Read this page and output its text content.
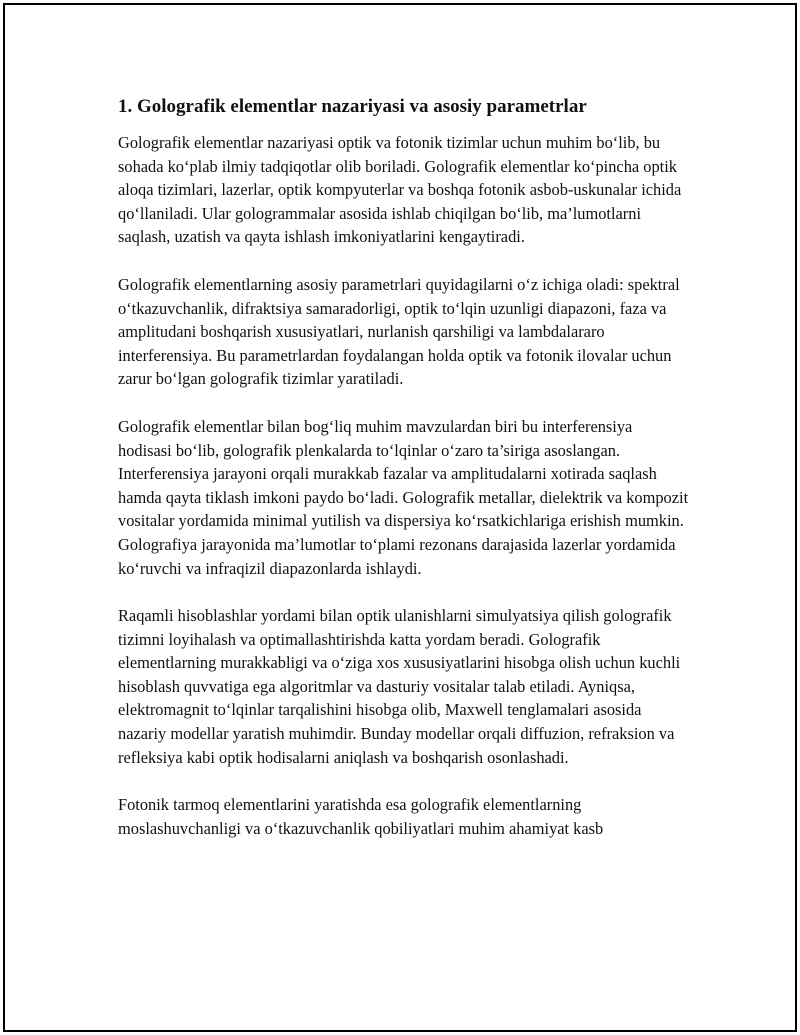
1. Golografik elementlar nazariyasi va asosiy parametrlar

Golografik elementlar nazariyasi optik va fotonik tizimlar uchun muhim bo‘lib, bu sohada ko‘plab ilmiy tadqiqotlar olib boriladi. Golografik elementlar ko‘pincha optik aloqa tizimlari, lazerlar, optik kompyuterlar va boshqa fotonik asbob-uskunalar ichida qo‘llaniladi. Ular gologrammalar asosida ishlab chiqilgan bo‘lib, ma’lumotlarni saqlash, uzatish va qayta ishlash imkoniyatlarini kengaytiradi.

Golografik elementlarning asosiy parametrlari quyidagilarni o‘z ichiga oladi: spektral o‘tkazuvchanlik, difraktsiya samaradorligi, optik to‘lqin uzunligi diapazoni, faza va amplitudani boshqarish xususiyatlari, nurlanish qarshiligi va lambdalararo interferensiya. Bu parametrlardan foydalangan holda optik va fotonik ilovalar uchun zarur bo‘lgan golografik tizimlar yaratiladi.

Golografik elementlar bilan bog‘liq muhim mavzulardan biri bu interferensiya hodisasi bo‘lib, golografik plenkalarda to‘lqinlar o‘zaro ta’siriga asoslangan. Interferensiya jarayoni orqali murakkab fazalar va amplitudalarni xotirada saqlash hamda qayta tiklash imkoni paydo bo‘ladi. Golografik metallar, dielektrik va kompozit vositalar yordamida minimal yutilish va dispersiya ko‘rsatkichlariga erishish mumkin. Golografiya jarayonida ma’lumotlar to‘plami rezonans darajasida lazerlar yordamida ko‘ruvchi va infraqizil diapazonlarda ishlaydi.

Raqamli hisoblashlar yordami bilan optik ulanishlarni simulyatsiya qilish golografik tizimni loyihalash va optimallashtirishda katta yordam beradi. Golografik elementlarning murakkabligi va o‘ziga xos xususiyatlarini hisobga olish uchun kuchli hisoblash quvvatiga ega algoritmlar va dasturiy vositalar talab etiladi. Ayniqsa, elektromagnit to‘lqinlar tarqalishini hisobga olib, Maxwell tenglamalari asosida nazariy modellar yaratish muhimdir. Bunday modellar orqali diffuzion, refraksion va refleksiya kabi optik hodisalarni aniqlash va boshqarish osonlashadi.

Fotonik tarmoq elementlarini yaratishda esa golografik elementlarning moslashuvchanligi va o‘tkazuvchanlik qobiliyatlari muhim ahamiyat kasb
